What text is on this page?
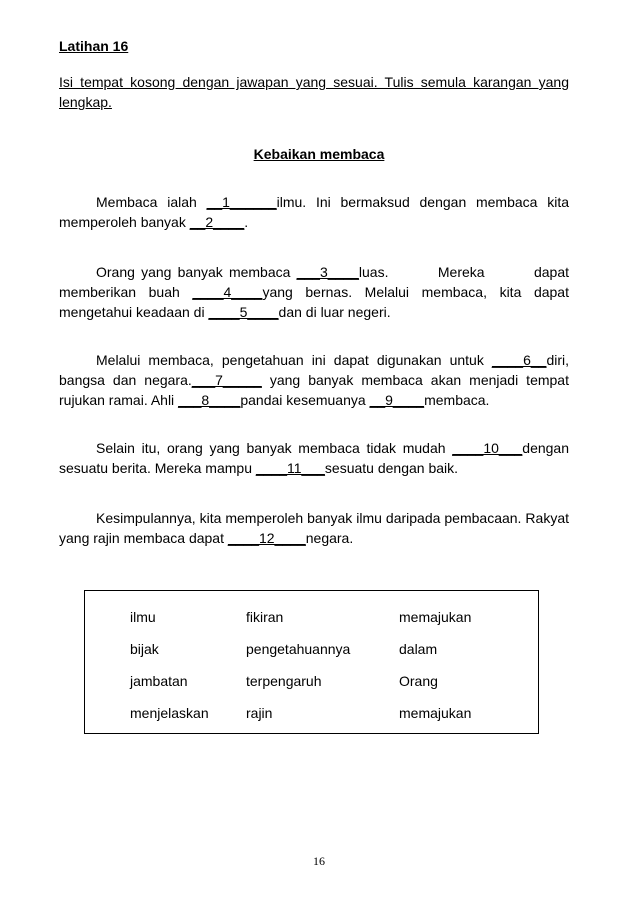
Latihan 16
Isi tempat kosong dengan jawapan yang sesuai. Tulis semula karangan yang lengkap.
Kebaikan membaca
Membaca ialah __1______ilmu. Ini bermaksud dengan membaca kita memperoleh banyak __2____.
Orang yang banyak membaca ___3____luas.        Mereka        dapat memberikan buah ____4____yang bernas. Melalui membaca, kita dapat mengetahui keadaan di ____5____dan di luar negeri.
Melalui membaca, pengetahuan ini dapat digunakan untuk ____6__diri, bangsa dan negara.___7_____ yang banyak membaca akan menjadi tempat rujukan ramai. Ahli ___8____pandai kesemuanya __9____membaca.
Selain itu, orang yang banyak membaca tidak mudah ____10___dengan sesuatu berita. Mereka mampu ____11___sesuatu dengan baik.
Kesimpulannya, kita memperoleh banyak ilmu daripada pembacaan. Rakyat yang rajin membaca dapat ____12____negara.
ilmu	fikiran	memajukan
bijak	pengetahuannya	dalam
jambatan	terpengaruh	Orang
menjelaskan	rajin	memajukan
16
